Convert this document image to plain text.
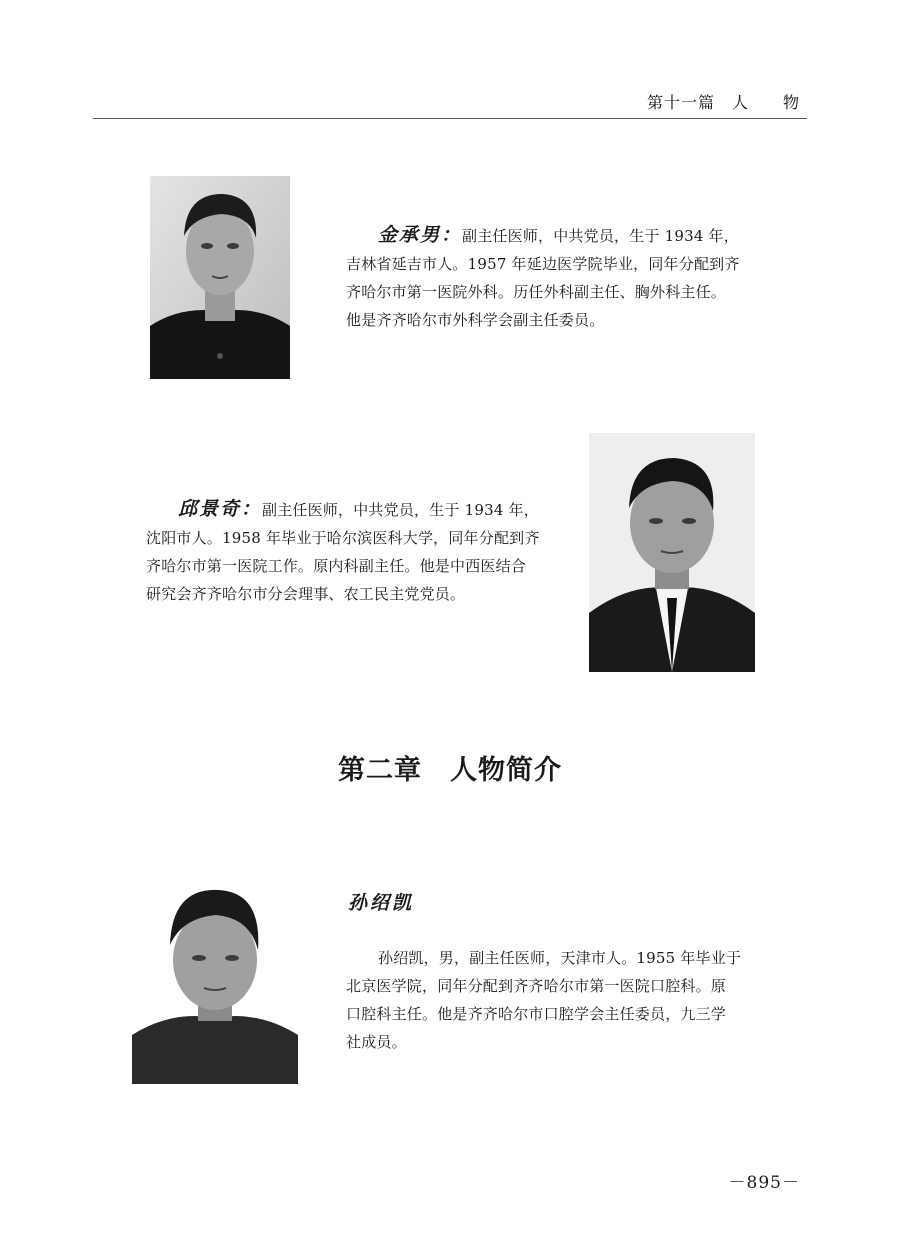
第十一篇　人　　物
金承男：副主任医师，中共党员，生于 1934 年，
吉林省延吉市人。1957 年延边医学院毕业，同年分配到齐
齐哈尔市第一医院外科。历任外科副主任、胸外科主任。
他是齐齐哈尔市外科学会副主任委员。
邱景奇：副主任医师，中共党员，生于 1934 年，
沈阳市人。1958 年毕业于哈尔滨医科大学，同年分配到齐
齐哈尔市第一医院工作。原内科副主任。他是中西医结合
研究会齐齐哈尔市分会理事、农工民主党党员。
第二章 人物简介
孙绍凯
孙绍凯，男，副主任医师，天津市人。1955 年毕业于
北京医学院，同年分配到齐齐哈尔市第一医院口腔科。原
口腔科主任。他是齐齐哈尔市口腔学会主任委员，九三学
社成员。
－895－
